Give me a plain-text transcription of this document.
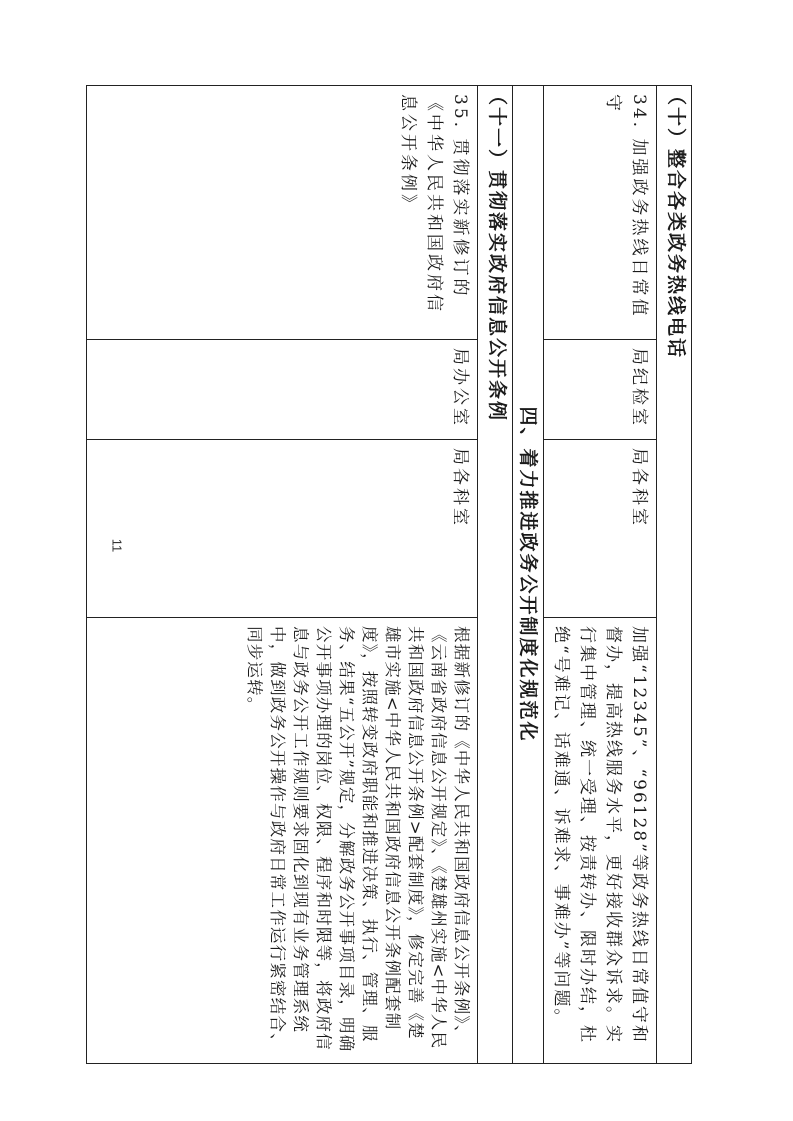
11
（十）整合各类政务热线电话			

34. 加强政务热线日常值守	局纪检室	局各科室	加强“12345”、“96128”等政务热线日常值守和督办，提高热线服务水平，更好接收群众诉求。实行集中管理、统一受理、按责转办、限时办结，杜绝“号难记、话难通、诉难求、事难办”等问题。

四、着力推进政务公开制度化规范化			
（十一）贯彻落实政府信息公开条例			

35. 贯彻落实新修订的《中华人民共和国政府信息公开条例》	局办公室	局各科室	根据新修订的《中华人民共和国政府信息公开条例》、《云南省政府信息公开规定》、《楚雄州实施<中华人民共和国政府信息公开条例>配套制度》，修定完善《楚雄市实施<中华人民共和国政府信息公开条例配套制度》，按照转变政府职能和推进决策、执行、管理、服务、结果“五公开”规定，分解政务公开事项目录，明确公开事项办理的岗位、权限、程序和时限等，将政府信息与政务公开工作规则要求固化到现有业务管理系统中，做到政务公开操作与政府日常工作运行紧密结合、同步运转。
